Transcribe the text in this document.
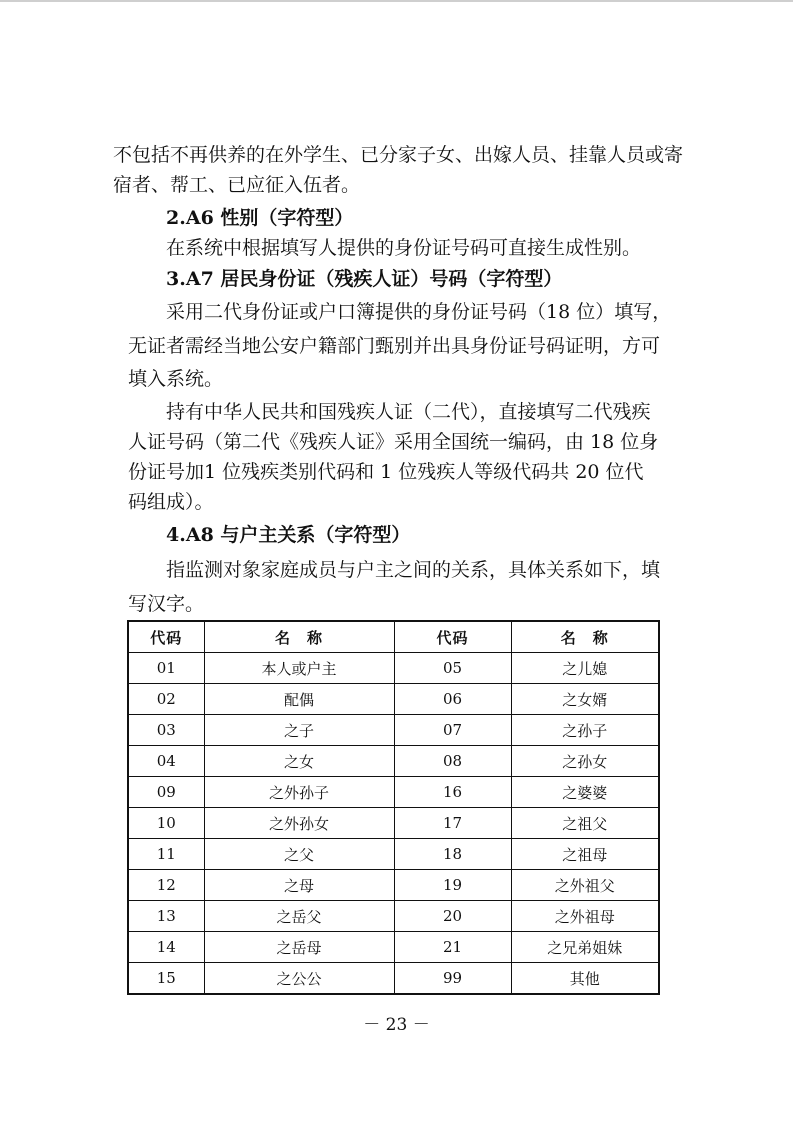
不包括不再供养的在外学生、已分家子女、出嫁人员、挂靠人员或寄
宿者、帮工、已应征入伍者。
2.A6 性别（字符型）
在系统中根据填写人提供的身份证号码可直接生成性别。
3.A7 居民身份证（残疾人证）号码（字符型）
采用二代身份证或户口簿提供的身份证号码（18 位）填写，
无证者需经当地公安户籍部门甄别并出具身份证号码证明，方可
填入系统。
持有中华人民共和国残疾人证（二代），直接填写二代残疾
人证号码（第二代《残疾人证》采用全国统一编码，由 18 位身
份证号加1 位残疾类别代码和 1 位残疾人等级代码共 20 位代
码组成）。
4.A8 与户主关系（字符型）
指监测对象家庭成员与户主之间的关系，具体关系如下，填
写汉字。
代码	名　称	代码	名　称
01	本人或户主	05	之儿媳
02	配偶	06	之女婿
03	之子	07	之孙子
04	之女	08	之孙女
09	之外孙子	16	之婆婆
10	之外孙女	17	之祖父
11	之父	18	之祖母
12	之母	19	之外祖父
13	之岳父	20	之外祖母
14	之岳母	21	之兄弟姐妹
15	之公公	99	其他
－ 23 －
